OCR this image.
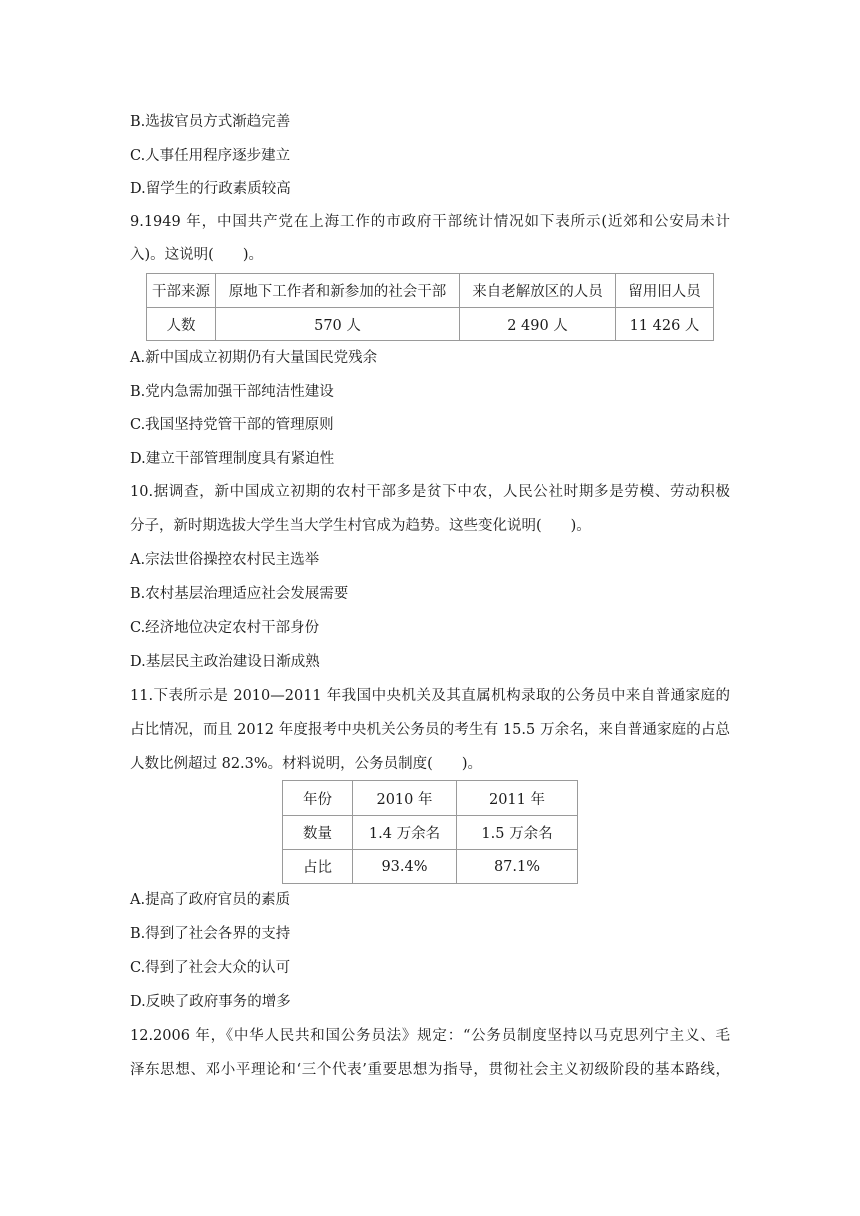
B.选拔官员方式渐趋完善
C.人事任用程序逐步建立
D.留学生的行政素质较高
9.1949 年，中国共产党在上海工作的市政府干部统计情况如下表所示(近郊和公安局未计
入)。这说明(　　)。
干部来源	原地下工作者和新参加的社会干部	来自老解放区的人员	留用旧人员
人数	570 人	2 490 人	11 426 人
A.新中国成立初期仍有大量国民党残余
B.党内急需加强干部纯洁性建设
C.我国坚持党管干部的管理原则
D.建立干部管理制度具有紧迫性
10.据调查，新中国成立初期的农村干部多是贫下中农，人民公社时期多是劳模、劳动积极
分子，新时期选拔大学生当大学生村官成为趋势。这些变化说明(　　)。
A.宗法世俗操控农村民主选举
B.农村基层治理适应社会发展需要
C.经济地位决定农村干部身份
D.基层民主政治建设日渐成熟
11.下表所示是 2010—2011 年我国中央机关及其直属机构录取的公务员中来自普通家庭的
占比情况，而且 2012 年度报考中央机关公务员的考生有 15.5 万余名，来自普通家庭的占总
人数比例超过 82.3%。材料说明，公务员制度(　　)。
年份	2010 年	2011 年
数量	1.4 万余名	1.5 万余名
占比	93.4%	87.1%
A.提高了政府官员的素质
B.得到了社会各界的支持
C.得到了社会大众的认可
D.反映了政府事务的增多
12.2006 年，《中华人民共和国公务员法》规定：“公务员制度坚持以马克思列宁主义、毛
泽东思想、邓小平理论和‘三个代表’重要思想为指导，贯彻社会主义初级阶段的基本路线，
